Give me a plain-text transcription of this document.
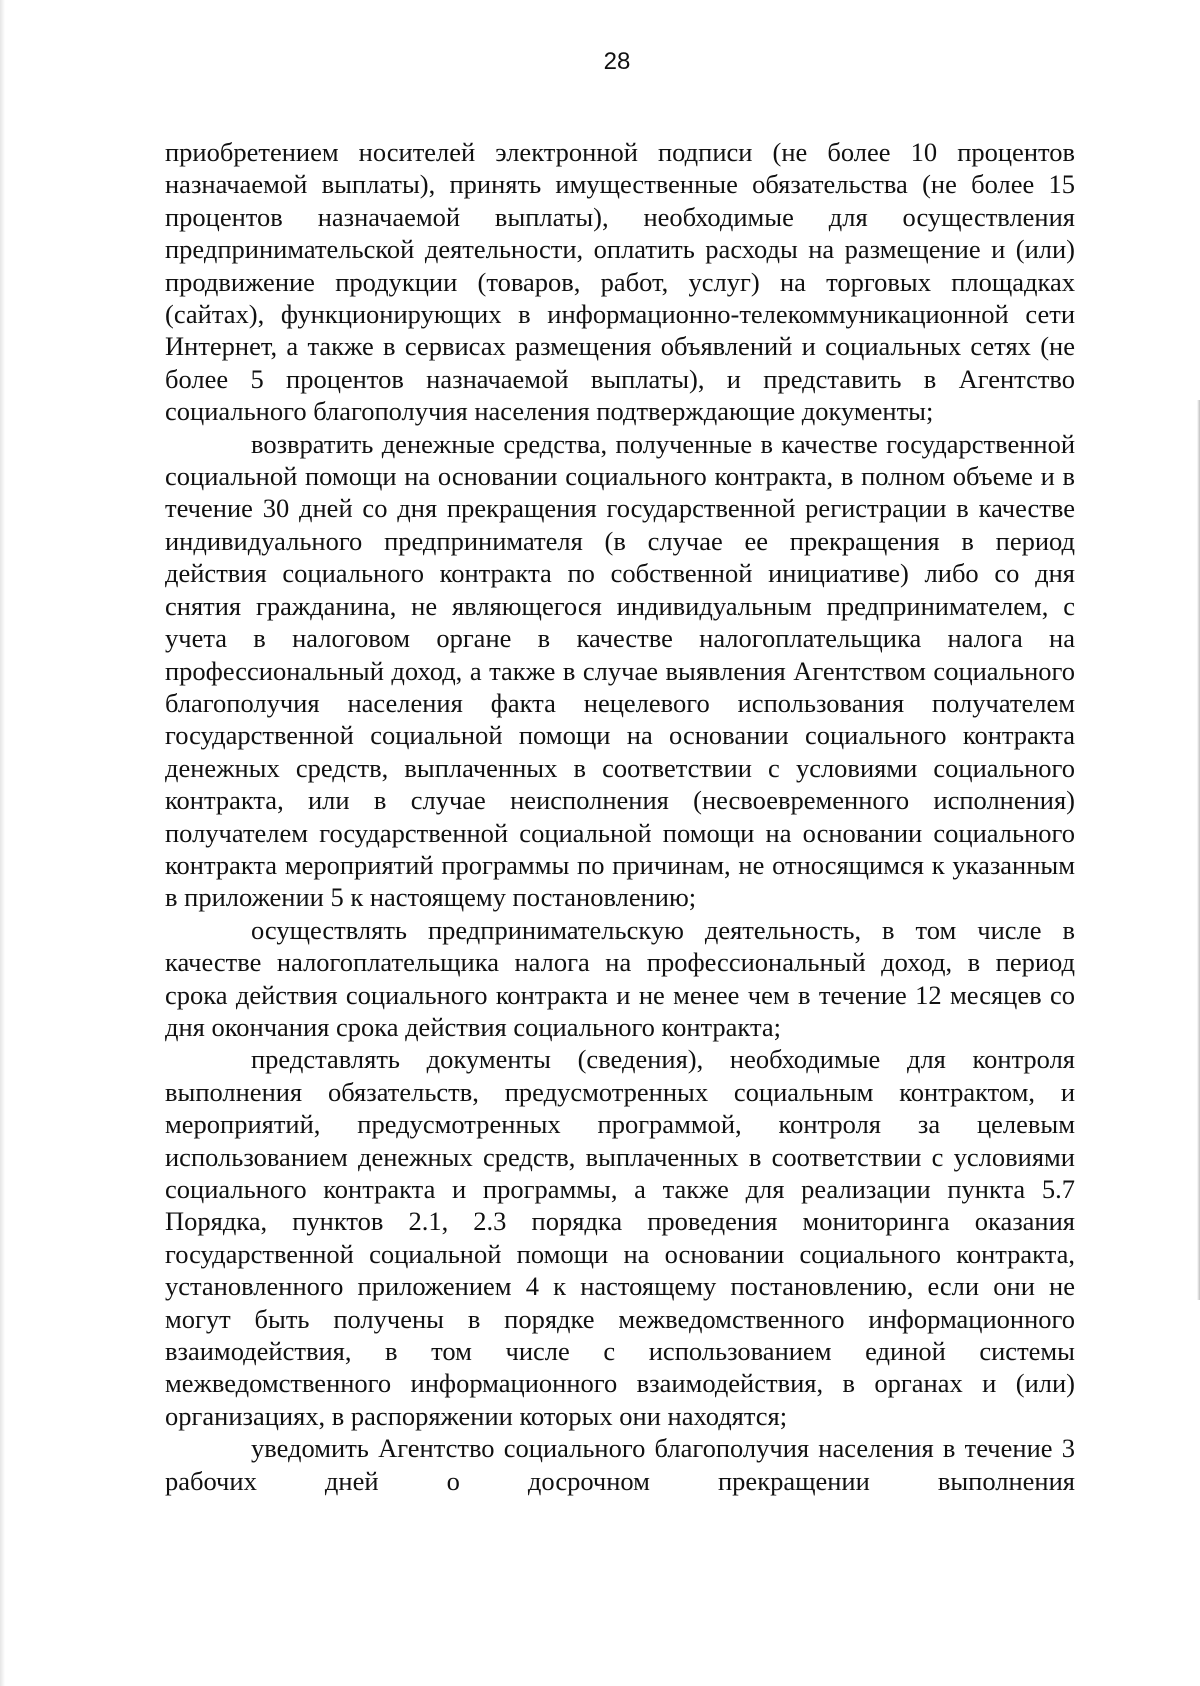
28

приобретением носителей электронной подписи (не более 10 процентов назначаемой выплаты), принять имущественные обязательства (не более 15 процентов назначаемой выплаты), необходимые для осуществления предпринимательской деятельности, оплатить расходы на размещение и (или) продвижение продукции (товаров, работ, услуг) на торговых площадках (сайтах), функционирующих в информационно-телекоммуникационной сети Интернет, а также в сервисах размещения объявлений и социальных сетях (не более 5 процентов назначаемой выплаты), и представить в Агентство социального благополучия населения подтверждающие документы;

возвратить денежные средства, полученные в качестве государственной социальной помощи на основании социального контракта, в полном объеме и в течение 30 дней со дня прекращения государственной регистрации в качестве индивидуального предпринимателя (в случае ее прекращения в период действия социального контракта по собственной инициативе) либо со дня снятия гражданина, не являющегося индивидуальным предпринимателем, с учета в налоговом органе в качестве налогоплательщика налога на профессиональный доход, а также в случае выявления Агентством социального благополучия населения факта нецелевого использования получателем государственной социальной помощи на основании социального контракта денежных средств, выплаченных в соответствии с условиями социального контракта, или в случае неисполнения (несвоевременного исполнения) получателем государственной социальной помощи на основании социального контракта мероприятий программы по причинам, не относящимся к указанным в приложении 5 к настоящему постановлению;

осуществлять предпринимательскую деятельность, в том числе в качестве налогоплательщика налога на профессиональный доход, в период срока действия социального контракта и не менее чем в течение 12 месяцев со дня окончания срока действия социального контракта;

представлять документы (сведения), необходимые для контроля выполнения обязательств, предусмотренных социальным контрактом, и мероприятий, предусмотренных программой, контроля за целевым использованием денежных средств, выплаченных в соответствии с условиями социального контракта и программы, а также для реализации пункта 5.7 Порядка, пунктов 2.1, 2.3 порядка проведения мониторинга оказания государственной социальной помощи на основании социального контракта, установленного приложением 4 к настоящему постановлению, если они не могут быть получены в порядке межведомственного информационного взаимодействия, в том числе с использованием единой системы межведомственного информационного взаимодействия, в органах и (или) организациях, в распоряжении которых они находятся;

уведомить Агентство социального благополучия населения в течение 3 рабочих дней о досрочном прекращении выполнения
